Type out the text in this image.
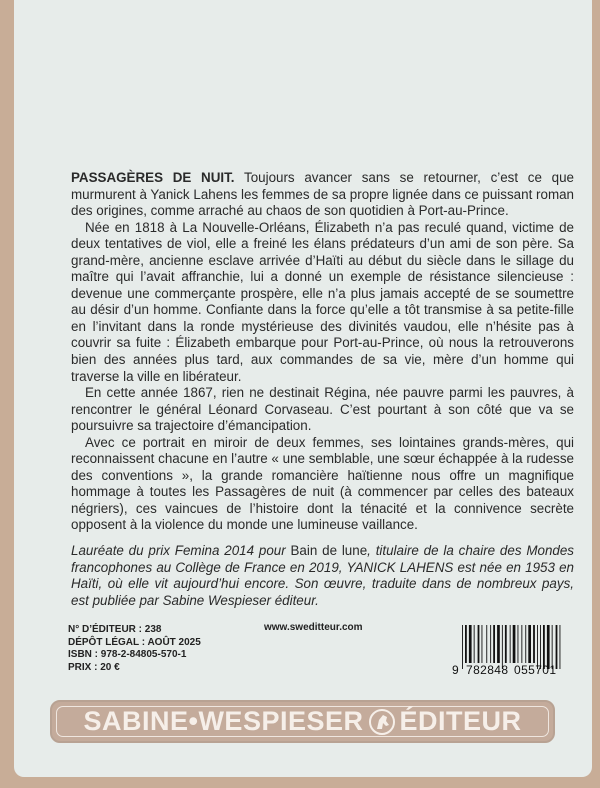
PASSAGÈRES DE NUIT. Toujours avancer sans se retourner, c’est ce que murmurent à Yanick Lahens les femmes de sa propre lignée dans ce puissant roman des origines, comme arraché au chaos de son quotidien à Port-au-Prince.

Née en 1818 à La Nouvelle-Orléans, Élizabeth n’a pas reculé quand, victime de deux tentatives de viol, elle a freiné les élans prédateurs d’un ami de son père. Sa grand-mère, ancienne esclave arrivée d’Haïti au début du siècle dans le sillage du maître qui l’avait affranchie, lui a donné un exemple de résistance silencieuse : devenue une commerçante prospère, elle n’a plus jamais accepté de se soumettre au désir d’un homme. Confiante dans la force qu’elle a tôt transmise à sa petite-fille en l’invitant dans la ronde mystérieuse des divinités vaudou, elle n’hésite pas à couvrir sa fuite : Élizabeth embarque pour Port-au-Prince, où nous la retrouverons bien des années plus tard, aux commandes de sa vie, mère d’un homme qui traverse la ville en libérateur.

En cette année 1867, rien ne destinait Régina, née pauvre parmi les pauvres, à rencontrer le général Léonard Corvaseau. C’est pourtant à son côté que va se poursuivre sa trajectoire d’émancipation.

Avec ce portrait en miroir de deux femmes, ses lointaines grands-mères, qui reconnaissent chacune en l’autre « une semblable, une sœur échappée à la rudesse des conventions », la grande romancière haïtienne nous offre un magnifique hommage à toutes les Passagères de nuit (à commencer par celles des bateaux négriers), ces vaincues de l’histoire dont la ténacité et la connivence secrète opposent à la violence du monde une lumineuse vaillance.

Lauréate du prix Femina 2014 pour Bain de lune, titulaire de la chaire des Mondes francophones au Collège de France en 2019, YANICK LAHENS est née en 1953 en Haïti, où elle vit aujourd’hui encore. Son œuvre, traduite dans de nombreux pays, est publiée par Sabine Wespieser éditeur.

N° D’ÉDITEUR : 238
DÉPÔT LÉGAL : AOÛT 2025
ISBN : 978-2-84805-570-1
PRIX : 20 €
www.sweditteur.com
9 782848 055701
SABINE•WESPIESER ÉDITEUR
